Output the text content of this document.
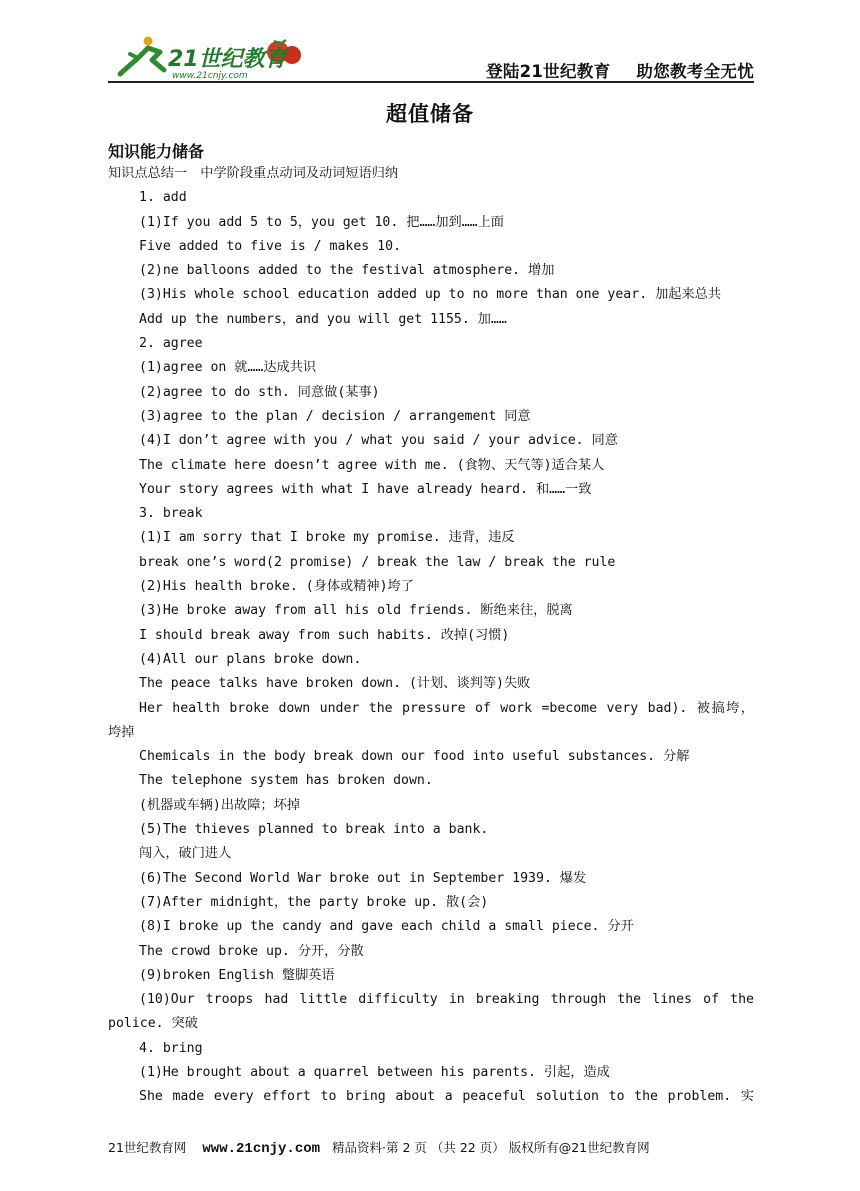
21世纪教育
www.21cnjy.com	登陆21世纪教育 助您教考全无忧
超值储备
知识能力储备
知识点总结一　中学阶段重点动词及动词短语归纳
1. add
(1)If you add 5 to 5，you get 10. 把……加到……上面
Five added to five is / makes 10.
(2)ne balloons added to the festival atmosphere. 增加
(3)His whole school education added up to no more than one year. 加起来总共
Add up the numbers，and you will get 1155. 加……
2. agree
(1)agree on 就……达成共识
(2)agree to do sth. 同意做(某事)
(3)agree to the plan / decision / arrangement 同意
(4)I don’t agree with you / what you said / your advice. 同意
The climate here doesn’t agree with me. (食物、天气等)适合某人
Your story agrees with what I have already heard. 和……一致
3. break
(1)I am sorry that I broke my promise. 违背，违反
break one’s word(2 promise) / break the law / break the rule
(2)His health broke. (身体或精神)垮了
(3)He broke away from all his old friends. 断绝来往，脱离
I should break away from such habits. 改掉(习惯)
(4)All our plans broke down.
The peace talks have broken down. (计划、谈判等)失败
Her health broke down under the pressure of work =become very bad). 被搞垮，
垮掉
Chemicals in the body break down our food into useful substances. 分解
The telephone system has broken down.
(机器或车辆)出故障；坏掉
(5)The thieves planned to break into a bank.
闯入，破门进人
(6)The Second World War broke out in September 1939. 爆发
(7)After midnight，the party broke up. 散(会)
(8)I broke up the candy and gave each child a small piece. 分开
The crowd broke up. 分开，分散
(9)broken English 蹩脚英语
(10)Our troops had little difficulty in breaking through the lines of the
police. 突破
4. bring
(1)He brought about a quarrel between his parents. 引起，造成
She made every effort to bring about a peaceful solution to the problem. 实
21世纪教育网 www.21cnjy.com 精品资料·第 2 页 （共 22 页） 版权所有@21世纪教育网
